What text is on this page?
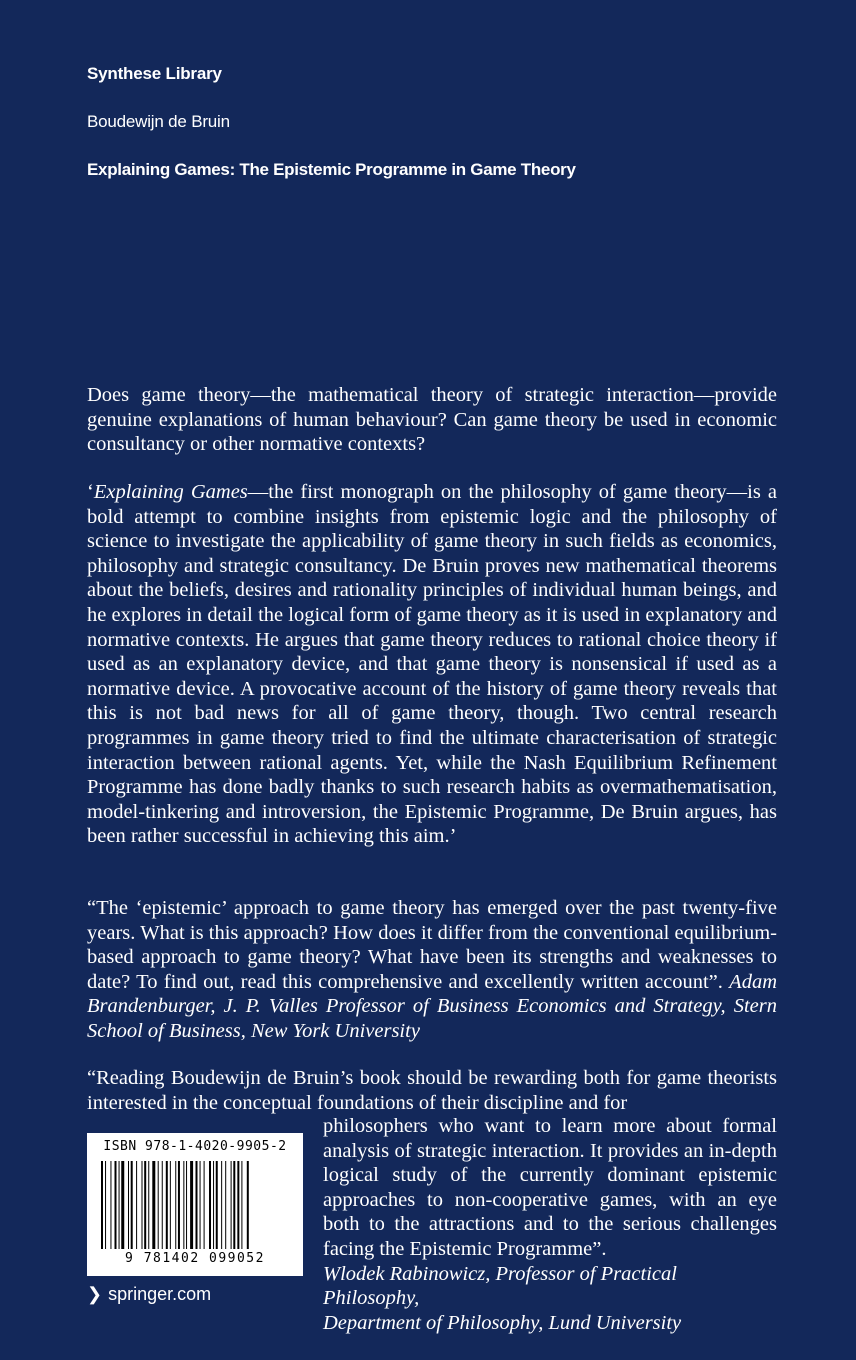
Synthese Library
Boudewijn de Bruin
Explaining Games: The Epistemic Programme in Game Theory
Does game theory—the mathematical theory of strategic interaction—provide genuine explanations of human behaviour? Can game theory be used in economic consultancy or other normative contexts?
‘Explaining Games—the first monograph on the philosophy of game theory—is a bold attempt to combine insights from epistemic logic and the philosophy of science to investigate the applicability of game theory in such fields as economics, philosophy and strategic consultancy. De Bruin proves new mathematical theorems about the beliefs, desires and rationality principles of individual human beings, and he explores in detail the logical form of game theory as it is used in explanatory and normative contexts. He argues that game theory reduces to rational choice theory if used as an explanatory device, and that game theory is nonsensical if used as a normative device. A provocative account of the history of game theory reveals that this is not bad news for all of game theory, though. Two central research programmes in game theory tried to find the ultimate characterisation of strategic interaction between rational agents. Yet, while the Nash Equilibrium Refinement Programme has done badly thanks to such research habits as overmathematisation, model-tinkering and introversion, the Epistemic Programme, De Bruin argues, has been rather successful in achieving this aim.’
“The ‘epistemic’ approach to game theory has emerged over the past twenty-five years. What is this approach? How does it differ from the conventional equilibrium-based approach to game theory? What have been its strengths and weaknesses to date? To find out, read this comprehensive and excellently written account”. Adam Brandenburger, J. P. Valles Professor of Business Economics and Strategy, Stern School of Business, New York University
“Reading Boudewijn de Bruin’s book should be rewarding both for game theorists interested in the conceptual foundations of their discipline and for
philosophers who want to learn more about formal analysis of strategic interaction. It provides an in-depth logical study of the currently dominant epistemic approaches to non-cooperative games, with an eye both to the attractions and to the serious challenges facing the Epistemic Programme”.
Wlodek Rabinowicz, Professor of Practical Philosophy,
Department of Philosophy, Lund University
ISBN 978-1-4020-9905-2
9 781402 099052
❯ springer.com
